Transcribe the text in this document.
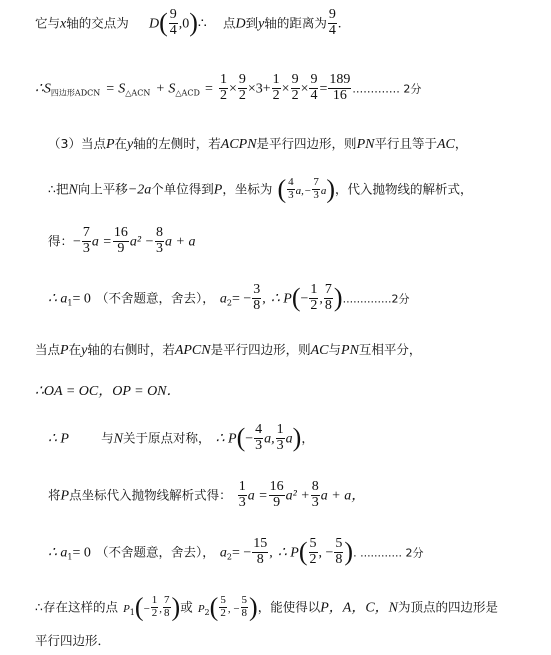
它与x轴的交点为 $D( \frac{9}{4}$ ,0)∴ 点D到y轴的距离为 $\frac{9}{4}$ .
$\therefore S_{四边形ADCN} = S_{\triangle ACN} + S_{\triangle ACD} = \frac{1}{2} \times \frac{9}{2} \times 3+ \frac{1}{2} \times \frac{9}{2} \times \frac{9}{4} = \frac{189}{16}$ .………… 2分
（3）当点P在y轴的左侧时，若ACPN是平行四边形，则PN平行且等于AC，
∴把N向上平移−2a个单位得到P，坐标为 ( $\frac{4}{3} a,- \frac{7}{3} a$)，代入抛物线的解析式，
得：− $\frac{7}{3}$ $a = \frac{16}{9} a^2 - \frac{8}{3}$ a + a
∴ $a_1= 0$ （不舍题意，舍去）， $a_2= - \frac{3}{8}$ , ∴ $P(- \frac{1}{2}$ , $\frac{7}{8} )..............2$分
当点P在y轴的右侧时，若APCN是平行四边形，则AC与PN互相平分，
∴OA = OC，OP = ON．
∴ P	与N关于原点对称， ∴ $P(- \frac{4}{3} a$, $\frac{1}{3} a$)，
将P点坐标代入抛物线解析式得： $\frac{1}{3}$ $a = \frac{16}{9} a^2 + \frac{8}{3}$ a + a，
∴ $a_1= 0$ （不舍题意，舍去）， $a_2= - \frac{15}{8}$ , ∴ $P( \frac{5}{2}$ , − $\frac{5}{8}$ ). ............ 2分
∴存在这样的点 $P_1(- \frac{1}{2}$ , $\frac{7}{8}$ )或 $P_2( \frac{5}{2}$ , − $\frac{5}{8}$ )，能使得以P，A，C，N为顶点的四边形是
平行四边形．
